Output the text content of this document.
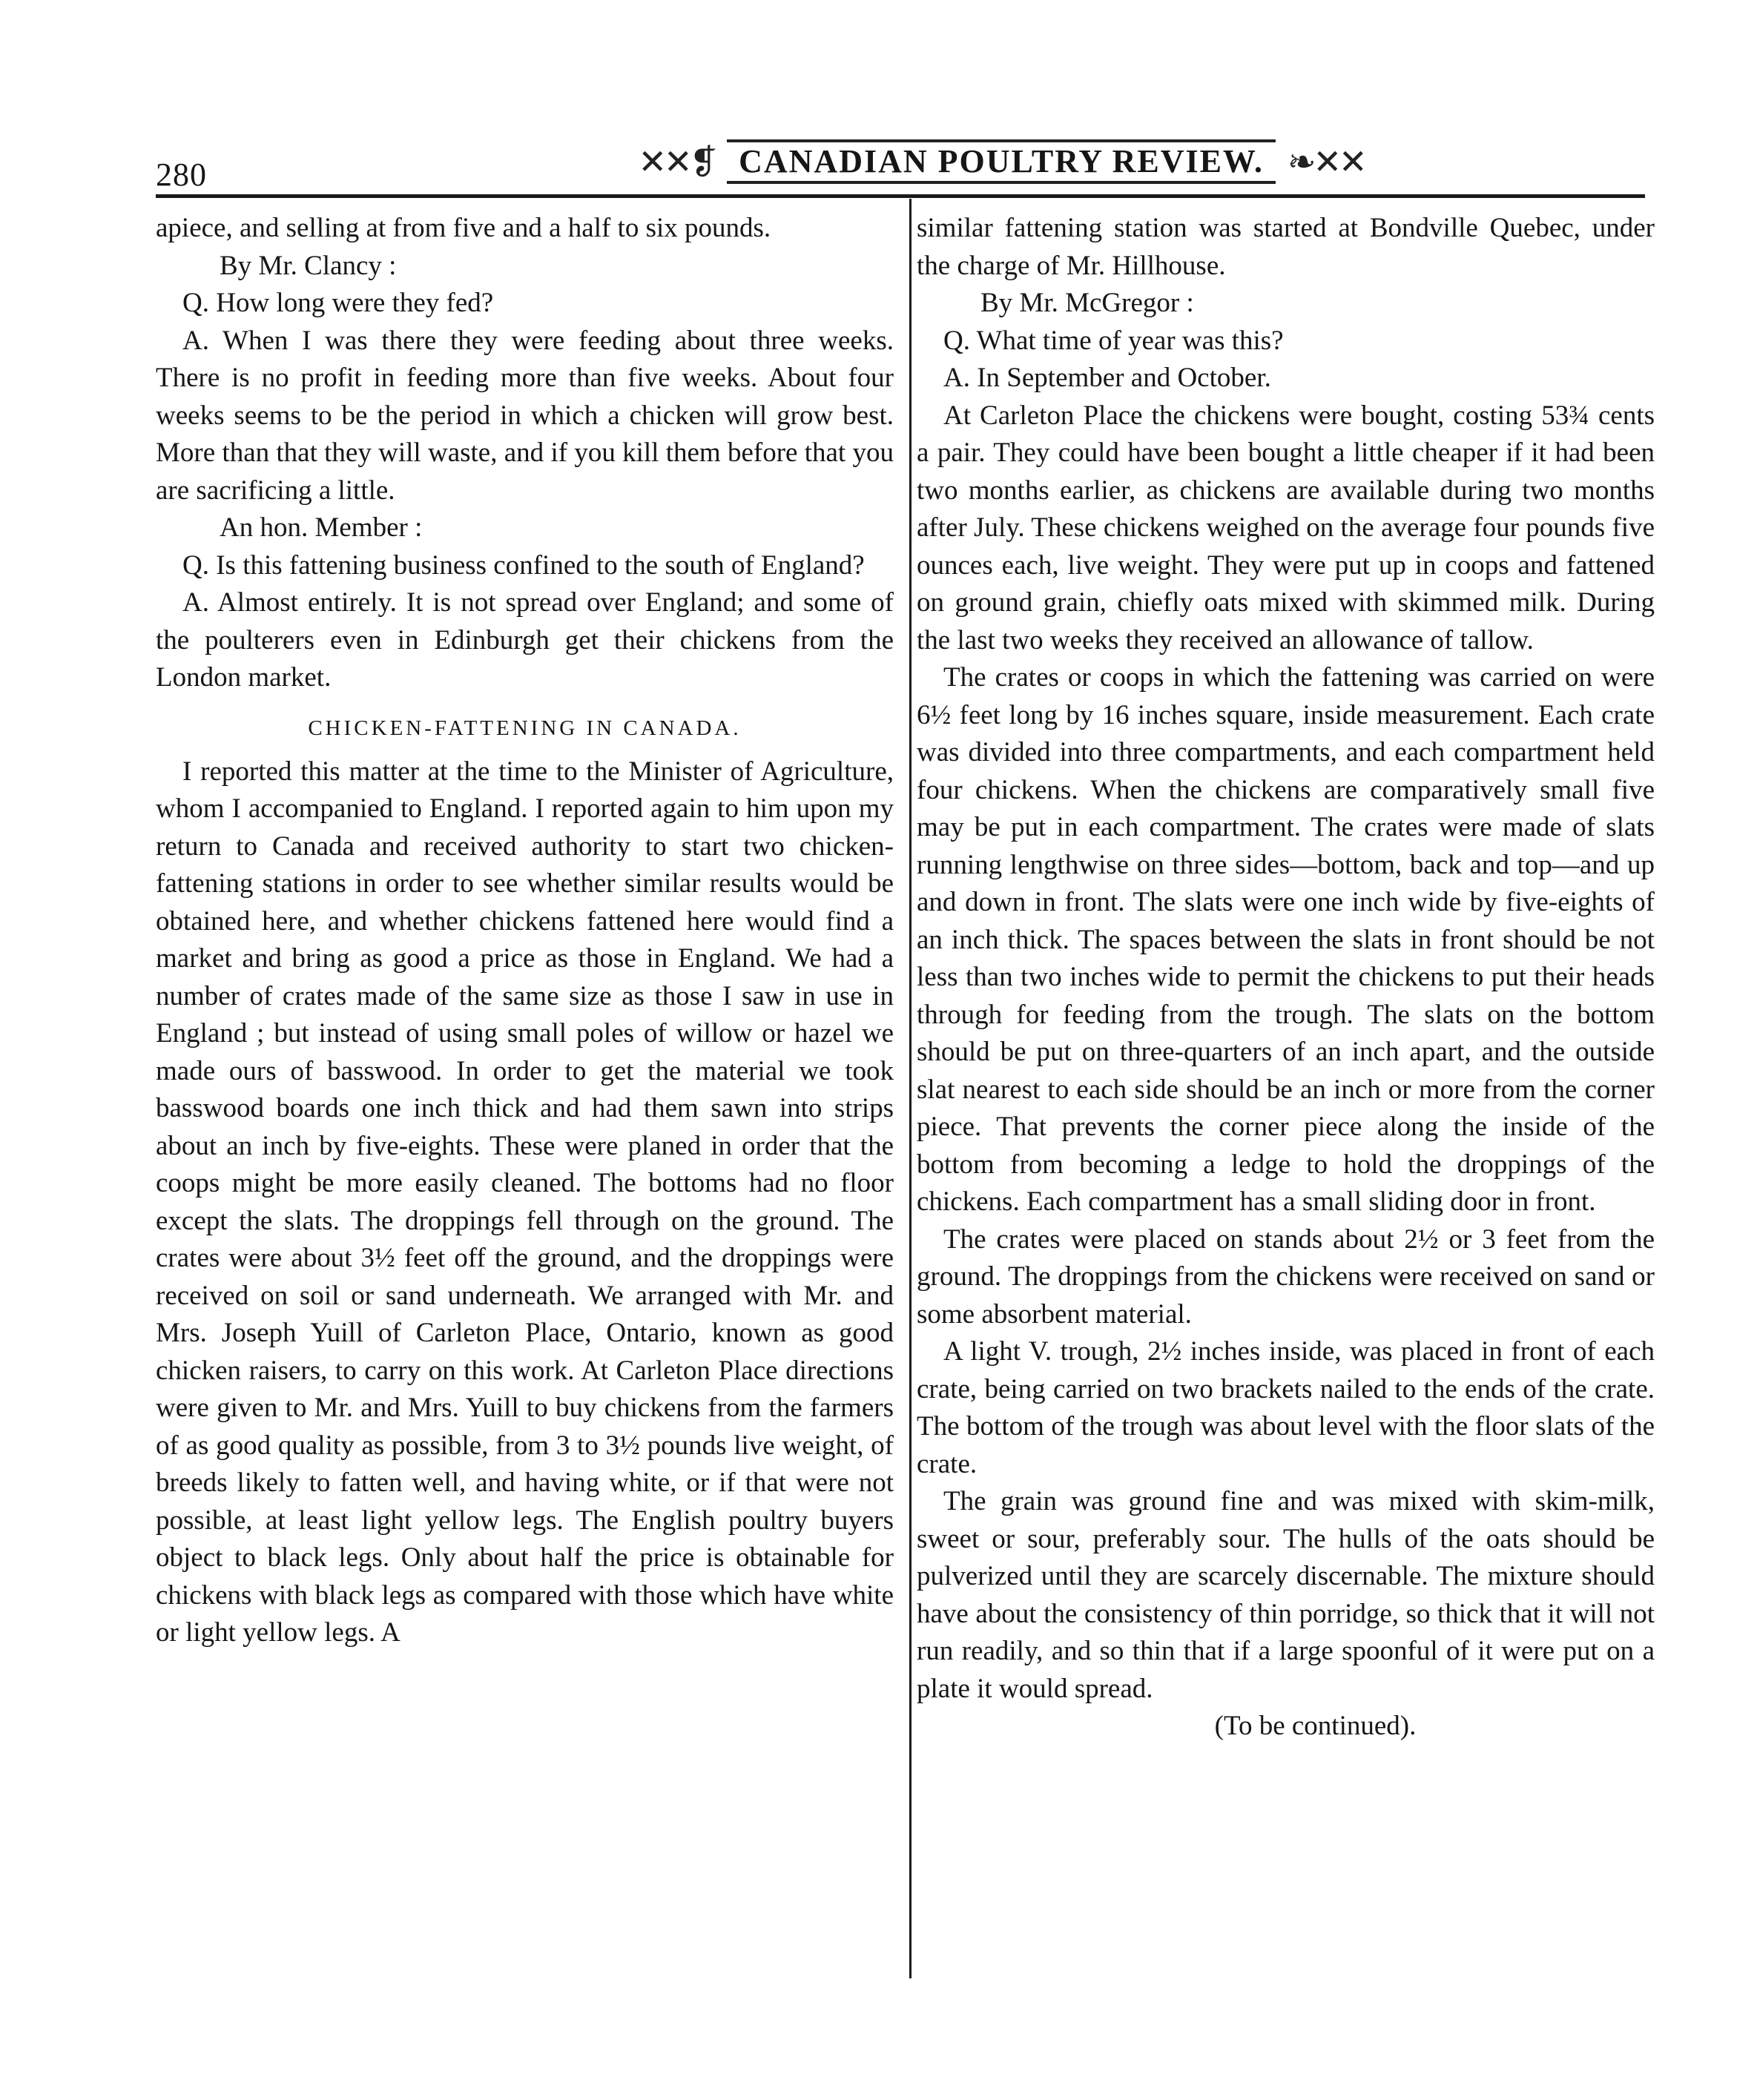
280	✕✕❡ CANADIAN POULTRY REVIEW. ❧✕✕

apiece, and selling at from five and a half to six pounds.

By Mr. Clancy :

Q. How long were they fed?

A. When I was there they were feeding about three weeks. There is no profit in feeding more than five weeks. About four weeks seems to be the period in which a chicken will grow best. More than that they will waste, and if you kill them before that you are sacrificing a little.

An hon. Member :

Q. Is this fattening business confined to the south of England?

A. Almost entirely. It is not spread over England; and some of the poulterers even in Edinburgh get their chickens from the London market.

CHICKEN-FATTENING IN CANADA.

I reported this matter at the time to the Minister of Agriculture, whom I accompanied to England. I reported again to him upon my return to Canada and received authority to start two chicken-fattening stations in order to see whether similar results would be obtained here, and whether chickens fattened here would find a market and bring as good a price as those in England. We had a number of crates made of the same size as those I saw in use in England ; but instead of using small poles of willow or hazel we made ours of basswood. In order to get the material we took basswood boards one inch thick and had them sawn into strips about an inch by five-eights. These were planed in order that the coops might be more easily cleaned. The bottoms had no floor except the slats. The droppings fell through on the ground. The crates were about 3½ feet off the ground, and the droppings were received on soil or sand underneath. We arranged with Mr. and Mrs. Joseph Yuill of Carleton Place, Ontario, known as good chicken raisers, to carry on this work. At Carleton Place directions were given to Mr. and Mrs. Yuill to buy chickens from the farmers of as good quality as possible, from 3 to 3½ pounds live weight, of breeds likely to fatten well, and having white, or if that were not possible, at least light yellow legs. The English poultry buyers object to black legs. Only about half the price is obtainable for chickens with black legs as compared with those which have white or light yellow legs. A

similar fattening station was started at Bondville Quebec, under the charge of Mr. Hillhouse.

By Mr. McGregor :

Q. What time of year was this?

A. In September and October.

At Carleton Place the chickens were bought, costing 53¾ cents a pair. They could have been bought a little cheaper if it had been two months earlier, as chickens are available during two months after July. These chickens weighed on the average four pounds five ounces each, live weight. They were put up in coops and fattened on ground grain, chiefly oats mixed with skimmed milk. During the last two weeks they received an allowance of tallow.

The crates or coops in which the fattening was carried on were 6½ feet long by 16 inches square, inside measurement. Each crate was divided into three compartments, and each compartment held four chickens. When the chickens are comparatively small five may be put in each compartment. The crates were made of slats running lengthwise on three sides—bottom, back and top—and up and down in front. The slats were one inch wide by five-eights of an inch thick. The spaces between the slats in front should be not less than two inches wide to permit the chickens to put their heads through for feeding from the trough. The slats on the bottom should be put on three-quarters of an inch apart, and the outside slat nearest to each side should be an inch or more from the corner piece. That prevents the corner piece along the inside of the bottom from becoming a ledge to hold the droppings of the chickens. Each compartment has a small sliding door in front.

The crates were placed on stands about 2½ or 3 feet from the ground. The droppings from the chickens were received on sand or some absorbent material.

A light V. trough, 2½ inches inside, was placed in front of each crate, being carried on two brackets nailed to the ends of the crate. The bottom of the trough was about level with the floor slats of the crate.

The grain was ground fine and was mixed with skim-milk, sweet or sour, preferably sour. The hulls of the oats should be pulverized until they are scarcely discernable. The mixture should have about the consistency of thin porridge, so thick that it will not run readily, and so thin that if a large spoonful of it were put on a plate it would spread.

(To be continued).
